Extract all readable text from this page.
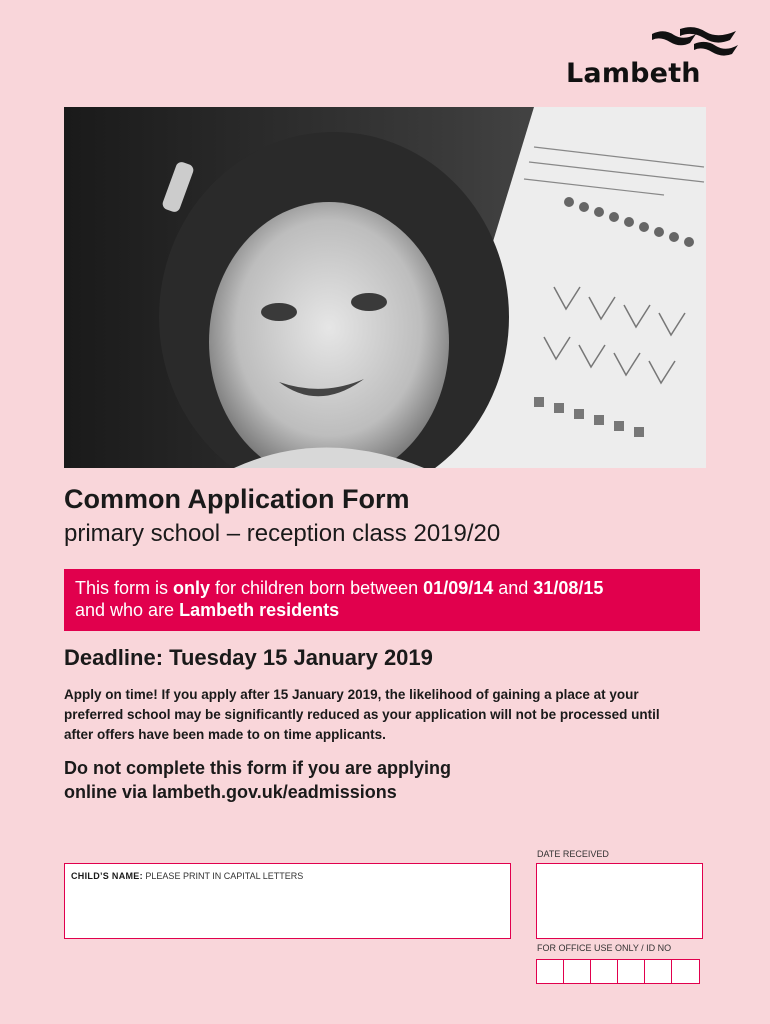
Lambeth
Common Application Form
primary school – reception class 2019/20
This form is only for children born between 01/09/14 and 31/08/15
and who are Lambeth residents
Deadline: Tuesday 15 January 2019
Apply on time! If you apply after 15 January 2019, the likelihood of gaining a place at your preferred school may be significantly reduced as your application will not be processed until after offers have been made to on time applicants.
Do not complete this form if you are applying
online via lambeth.gov.uk/eadmissions
CHILD’S NAME: PLEASE PRINT IN CAPITAL LETTERS
DATE RECEIVED
FOR OFFICE USE ONLY / ID NO
